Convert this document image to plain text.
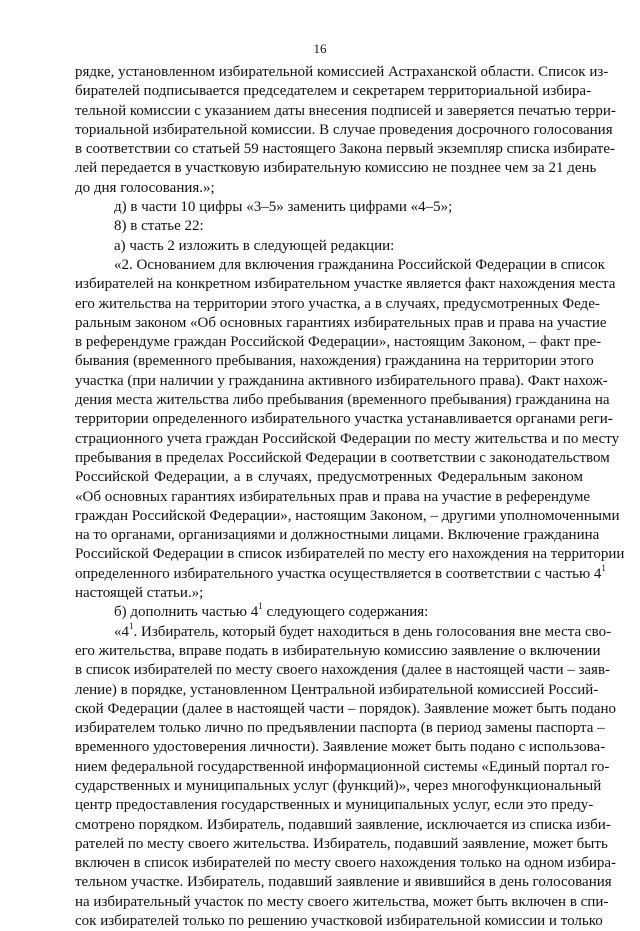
16
рядке, установленном избирательной комиссией Астраханской области. Список из-
бирателей подписывается председателем и секретарем территориальной избира-
тельной комиссии с указанием даты внесения подписей и заверяется печатью терри-
ториальной избирательной комиссии. В случае проведения досрочного голосования
в соответствии со статьей 59 настоящего Закона первый экземпляр списка избирате-
лей передается в участковую избирательную комиссию не позднее чем за 21 день
до дня голосования.»;
д) в части 10 цифры «3–5» заменить цифрами «4–5»;
8) в статье 22:
а) часть 2 изложить в следующей редакции:
«2. Основанием для включения гражданина Российской Федерации в список
избирателей на конкретном избирательном участке является факт нахождения места
его жительства на территории этого участка, а в случаях, предусмотренных Феде-
ральным законом «Об основных гарантиях избирательных прав и права на участие
в референдуме граждан Российской Федерации», настоящим Законом, – факт пре-
бывания (временного пребывания, нахождения) гражданина на территории этого
участка (при наличии у гражданина активного избирательного права). Факт нахож-
дения места жительства либо пребывания (временного пребывания) гражданина на
территории определенного избирательного участка устанавливается органами реги-
страционного учета граждан Российской Федерации по месту жительства и по месту
пребывания в пределах Российской Федерации в соответствии с законодательством
Российской Федерации, а в случаях, предусмотренных Федеральным законом
«Об основных гарантиях избирательных прав и права на участие в референдуме
граждан Российской Федерации», настоящим Законом, – другими уполномоченными
на то органами, организациями и должностными лицами. Включение гражданина
Российской Федерации в список избирателей по месту его нахождения на территории
определенного избирательного участка осуществляется в соответствии с частью $4^1$
настоящей статьи.»;
б) дополнить частью $4^1$ следующего содержания:
«$4^1$. Избиратель, который будет находиться в день голосования вне места сво-
его жительства, вправе подать в избирательную комиссию заявление о включении
в список избирателей по месту своего нахождения (далее в настоящей части – заяв-
ление) в порядке, установленном Центральной избирательной комиссией Россий-
ской Федерации (далее в настоящей части – порядок). Заявление может быть подано
избирателем только лично по предъявлении паспорта (в период замены паспорта –
временного удостоверения личности). Заявление может быть подано с использова-
нием федеральной государственной информационной системы «Единый портал го-
сударственных и муниципальных услуг (функций)», через многофункциональный
центр предоставления государственных и муниципальных услуг, если это преду-
смотрено порядком. Избиратель, подавший заявление, исключается из списка изби-
рателей по месту своего жительства. Избиратель, подавший заявление, может быть
включен в список избирателей по месту своего нахождения только на одном избира-
тельном участке. Избиратель, подавший заявление и явившийся в день голосования
на избирательный участок по месту своего жительства, может быть включен в спи-
сок избирателей только по решению участковой избирательной комиссии и только
